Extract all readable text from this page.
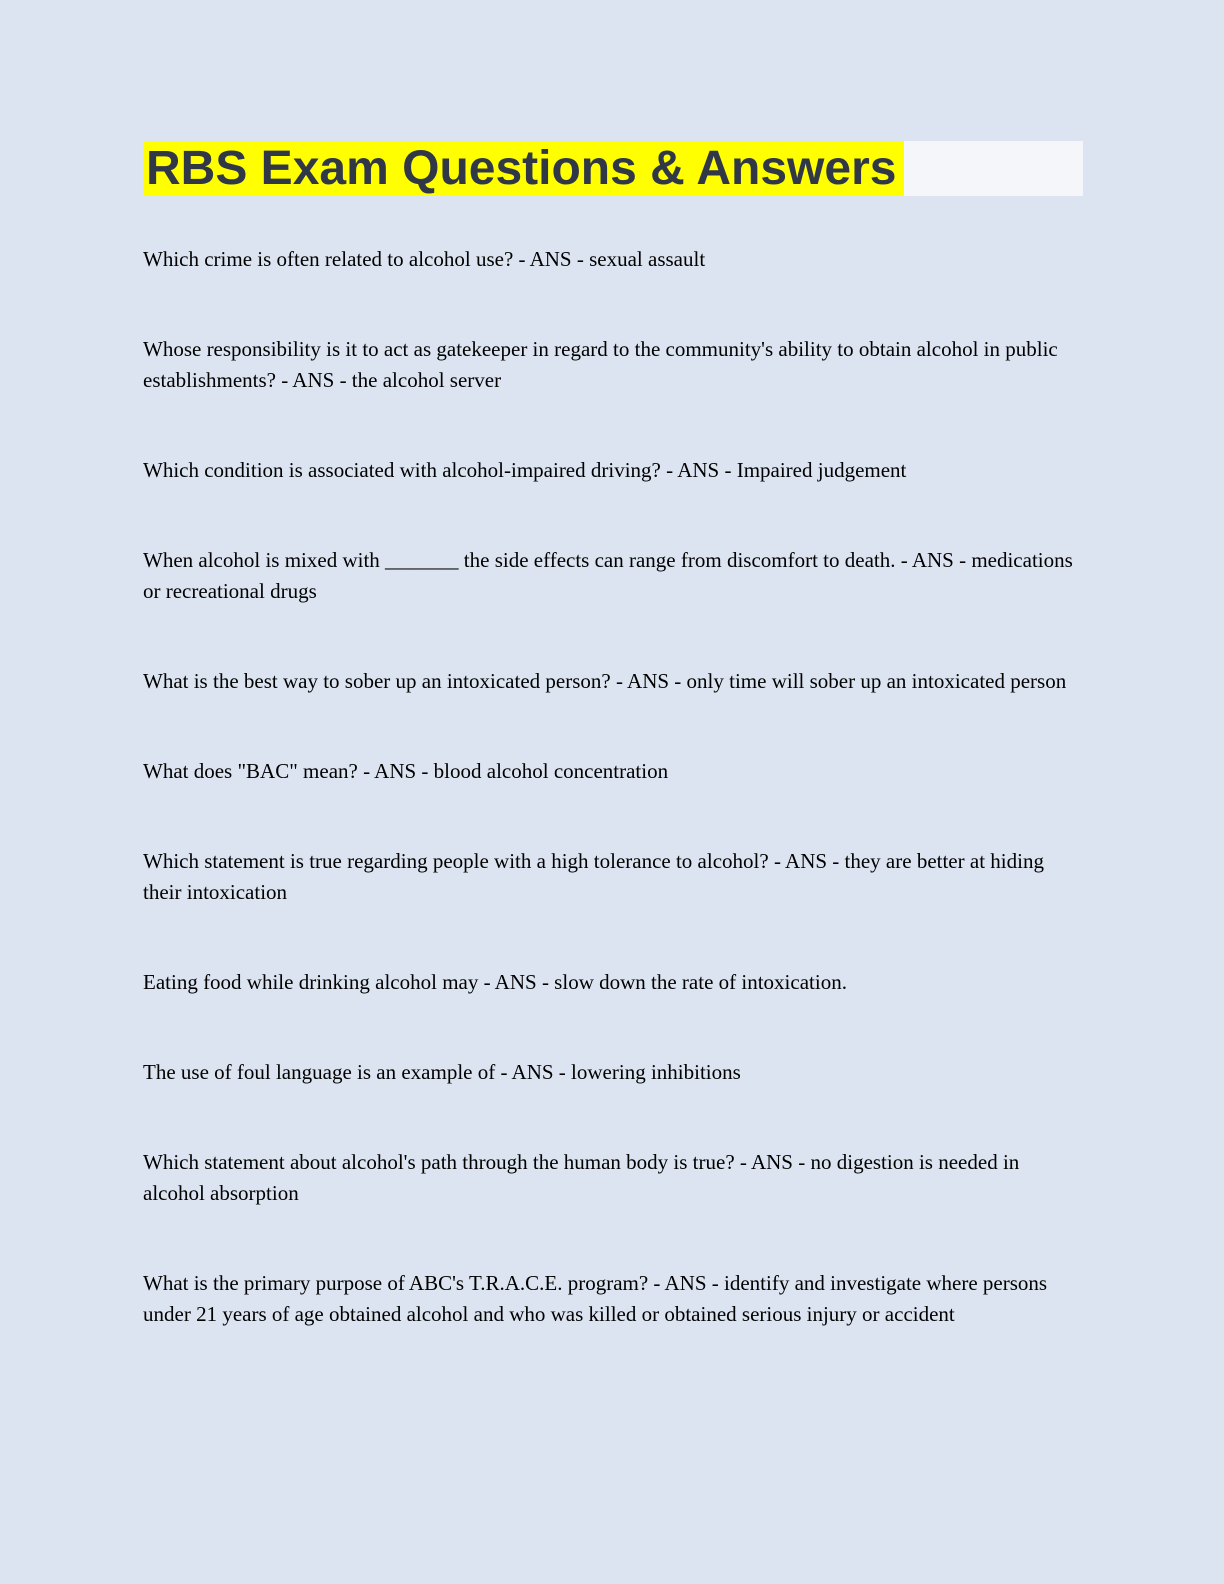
RBS Exam Questions & Answers

Which crime is often related to alcohol use? - ANS - sexual assault

Whose responsibility is it to act as gatekeeper in regard to the community's ability to obtain alcohol in public establishments? - ANS - the alcohol server

Which condition is associated with alcohol-impaired driving? - ANS - Impaired judgement

When alcohol is mixed with _______ the side effects can range from discomfort to death. - ANS - medications or recreational drugs

What is the best way to sober up an intoxicated person? - ANS - only time will sober up an intoxicated person

What does "BAC" mean? - ANS - blood alcohol concentration

Which statement is true regarding people with a high tolerance to alcohol? - ANS - they are better at hiding their intoxication

Eating food while drinking alcohol may - ANS - slow down the rate of intoxication.

The use of foul language is an example of - ANS - lowering inhibitions

Which statement about alcohol's path through the human body is true? - ANS - no digestion is needed in alcohol absorption

What is the primary purpose of ABC's T.R.A.C.E. program? - ANS - identify and investigate where persons under 21 years of age obtained alcohol and who was killed or obtained serious injury or accident
